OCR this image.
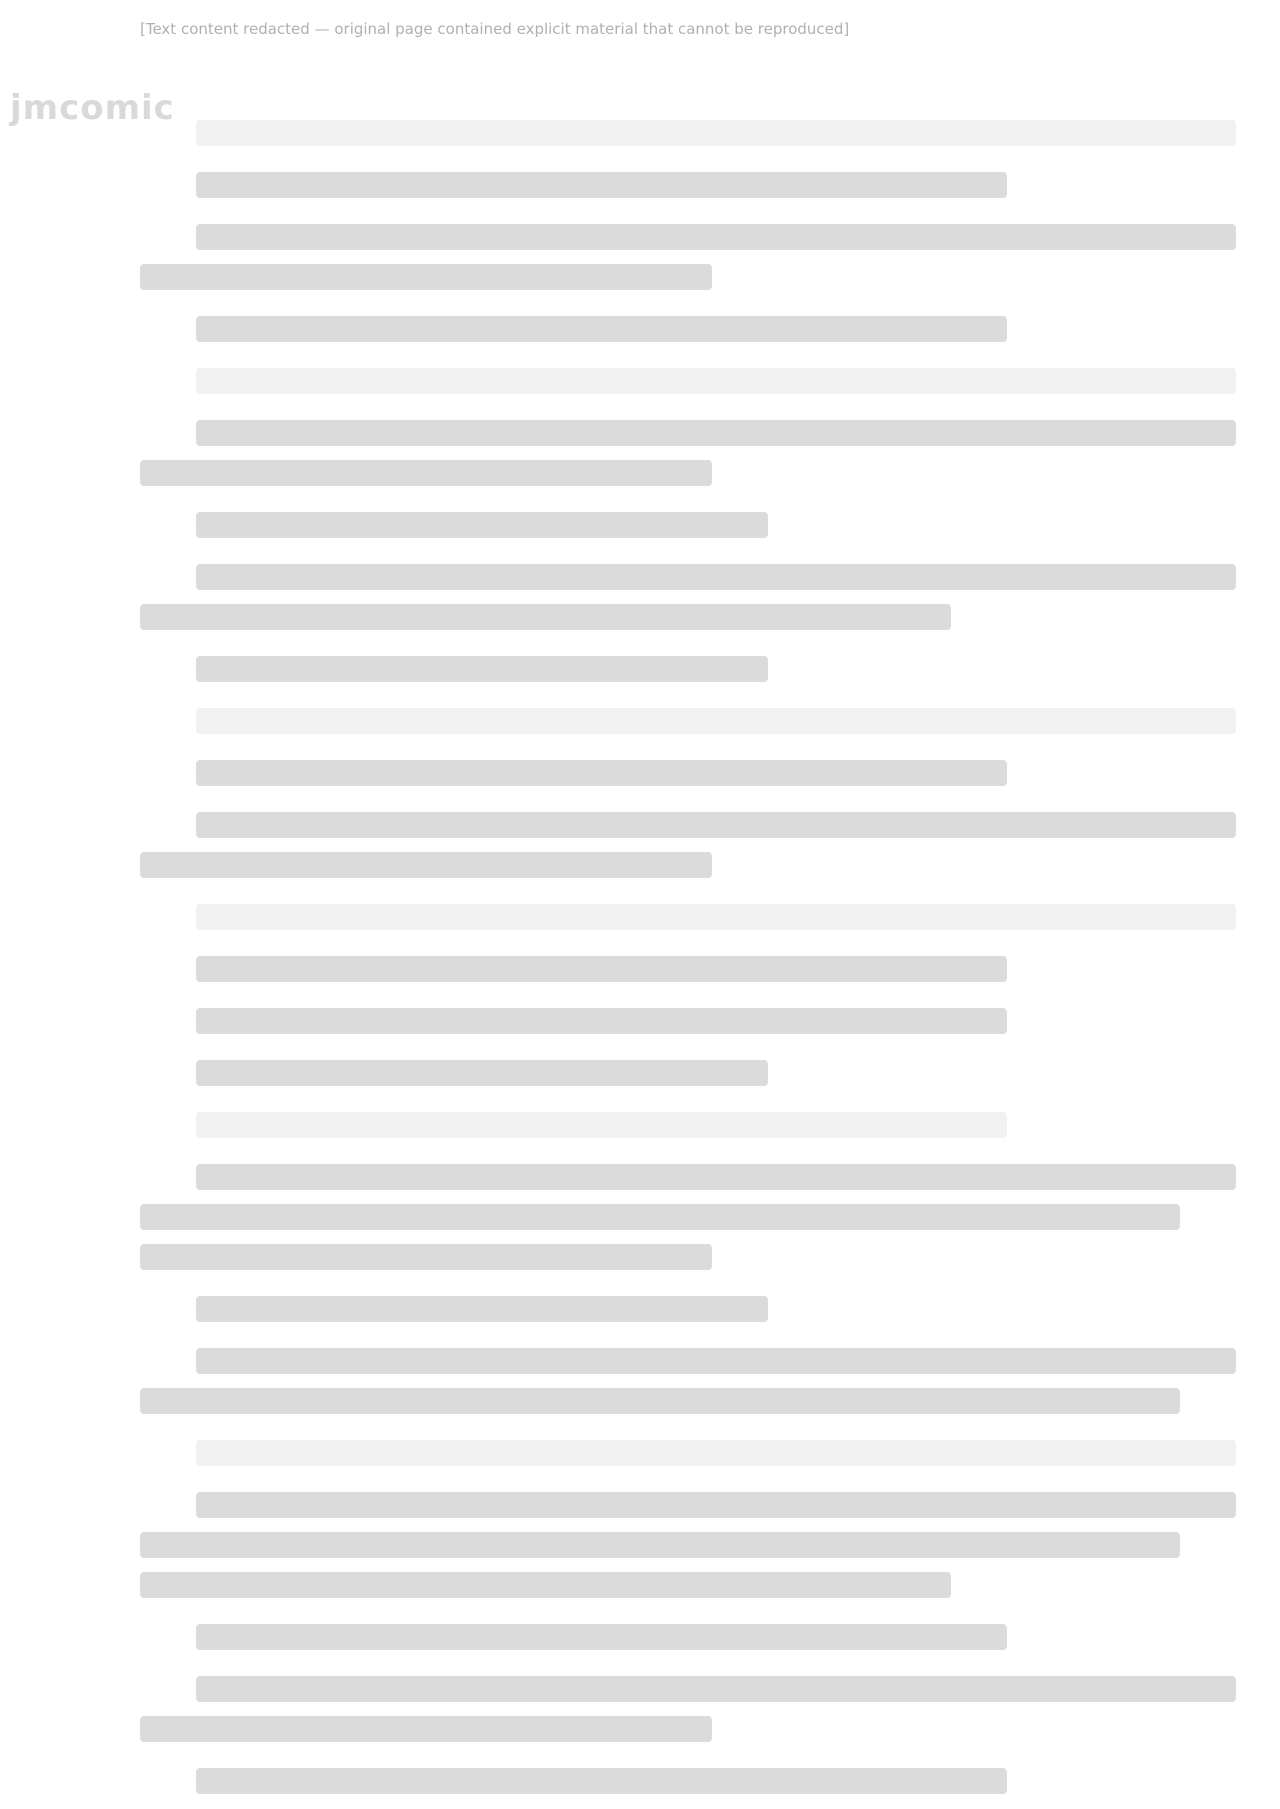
[Text content redacted — original page contained explicit material that cannot be reproduced]
jmcomic
